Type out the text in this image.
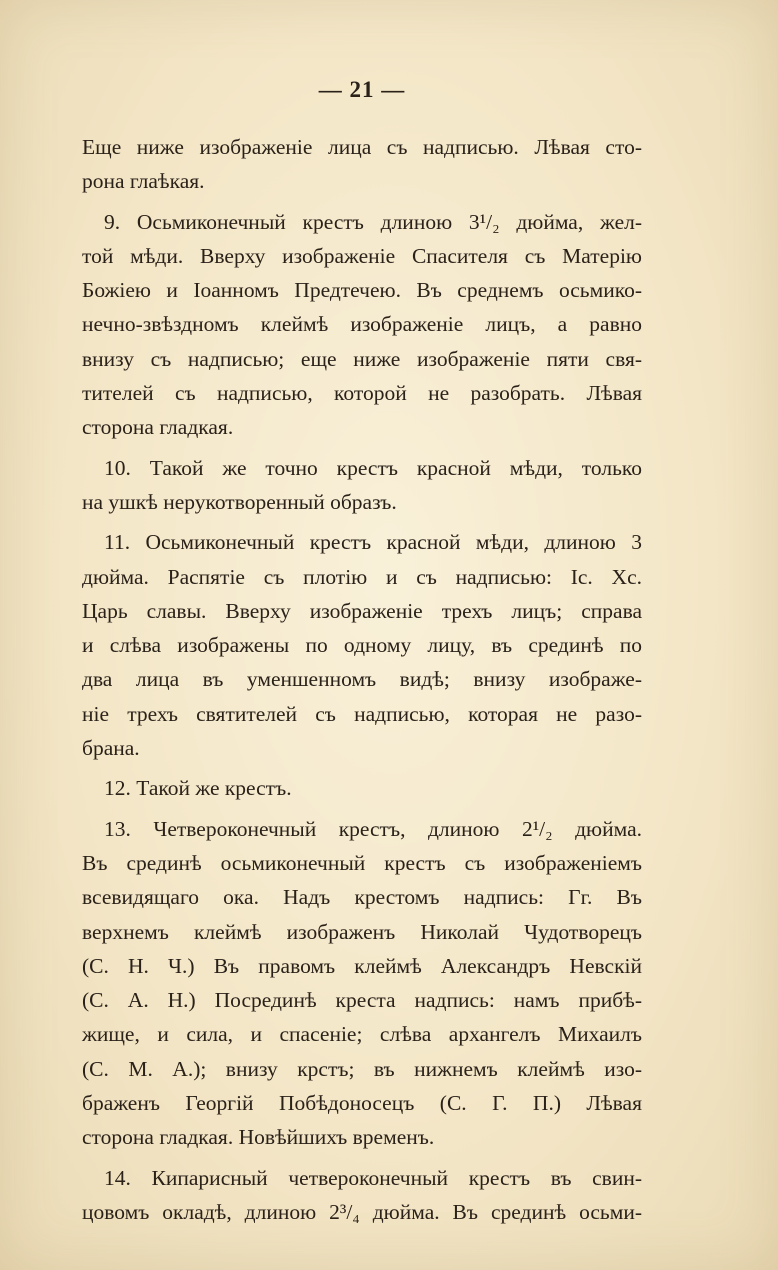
— 21 —
Еще ниже изображеніе лица съ надписью. Лѣвая сто-
рона глаѣкая.
9. Осьмиконечный крестъ длиною 3¹/₂ дюйма, жел-
той мѣди. Вверху изображеніе Спасителя съ Матерію
Божіею и Іоанномъ Предтечею. Въ среднемъ осьмико-
нечно-звѣздномъ клеймѣ изображеніе лицъ, а равно
внизу съ надписью; еще ниже изображеніе пяти свя-
тителей съ надписью, которой не разобрать. Лѣвая
сторона гладкая.
10. Такой же точно крестъ красной мѣди, только
на ушкѣ нерукотворенный образъ.
11. Осьмиконечный крестъ красной мѣди, длиною 3
дюйма. Распятіе съ плотію и съ надписью: Іс. Хс.
Царь славы. Вверху изображеніе трехъ лицъ; справа
и слѣва изображены по одному лицу, въ срединѣ по
два лица въ уменшенномъ видѣ; внизу изображе-
ніе трехъ святителей съ надписью, которая не разо-
брана.
12. Такой же крестъ.
13. Четвероконечный крестъ, длиною 2¹/₂ дюйма.
Въ срединѣ осьмиконечный крестъ съ изображеніемъ
всевидящаго ока. Надъ крестомъ надпись: Гг. Въ
верхнемъ клеймѣ изображенъ Николай Чудотворецъ
(С. Н. Ч.) Въ правомъ клеймѣ Александръ Невскій
(С. А. Н.) Посрединѣ креста надпись: намъ прибѣ-
жище, и сила, и спасеніе; слѣва архангелъ Михаилъ
(С. М. А.); внизу крстъ; въ нижнемъ клеймѣ изо-
браженъ Георгій Побѣдоносецъ (С. Г. П.) Лѣвая
сторона гладкая. Новѣйшихъ временъ.
14. Кипарисный четвероконечный крестъ въ свин-
цовомъ окладѣ, длиною 2³/₄ дюйма. Въ срединѣ осьми-
